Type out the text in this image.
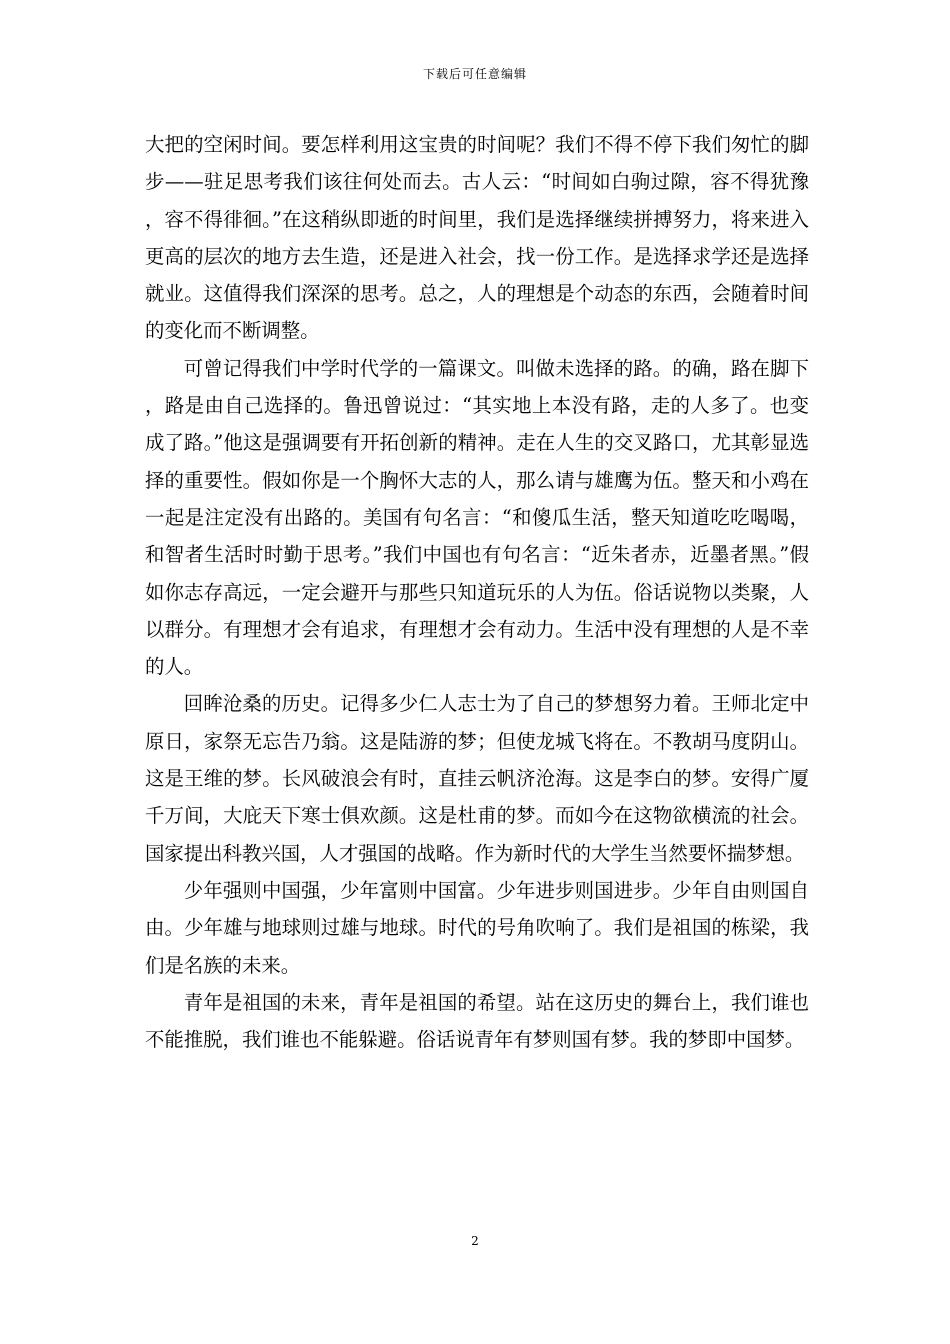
下载后可任意编辑

大把的空闲时间。要怎样利用这宝贵的时间呢？我们不得不停下我们匆忙的脚步——驻足思考我们该往何处而去。古人云：“时间如白驹过隙，容不得犹豫，容不得徘徊。”在这稍纵即逝的时间里，我们是选择继续拼搏努力，将来进入更高的层次的地方去生造，还是进入社会，找一份工作。是选择求学还是选择就业。这值得我们深深的思考。总之，人的理想是个动态的东西，会随着时间的变化而不断调整。

可曾记得我们中学时代学的一篇课文。叫做未选择的路。的确，路在脚下，路是由自己选择的。鲁迅曾说过：“其实地上本没有路，走的人多了。也变成了路。”他这是强调要有开拓创新的精神。走在人生的交叉路口，尤其彰显选择的重要性。假如你是一个胸怀大志的人，那么请与雄鹰为伍。整天和小鸡在一起是注定没有出路的。美国有句名言：“和傻瓜生活，整天知道吃吃喝喝，和智者生活时时勤于思考。”我们中国也有句名言：“近朱者赤，近墨者黑。”假如你志存高远，一定会避开与那些只知道玩乐的人为伍。俗话说物以类聚，人以群分。有理想才会有追求，有理想才会有动力。生活中没有理想的人是不幸的人。

回眸沧桑的历史。记得多少仁人志士为了自己的梦想努力着。王师北定中原日，家祭无忘告乃翁。这是陆游的梦；但使龙城飞将在。不教胡马度阴山。这是王维的梦。长风破浪会有时，直挂云帆济沧海。这是李白的梦。安得广厦千万间，大庇天下寒士俱欢颜。这是杜甫的梦。而如今在这物欲横流的社会。国家提出科教兴国，人才强国的战略。作为新时代的大学生当然要怀揣梦想。

少年强则中国强，少年富则中国富。少年进步则国进步。少年自由则国自由。少年雄与地球则过雄与地球。时代的号角吹响了。我们是祖国的栋梁，我们是名族的未来。

青年是祖国的未来，青年是祖国的希望。站在这历史的舞台上，我们谁也不能推脱，我们谁也不能躲避。俗话说青年有梦则国有梦。我的梦即中国梦。

2
